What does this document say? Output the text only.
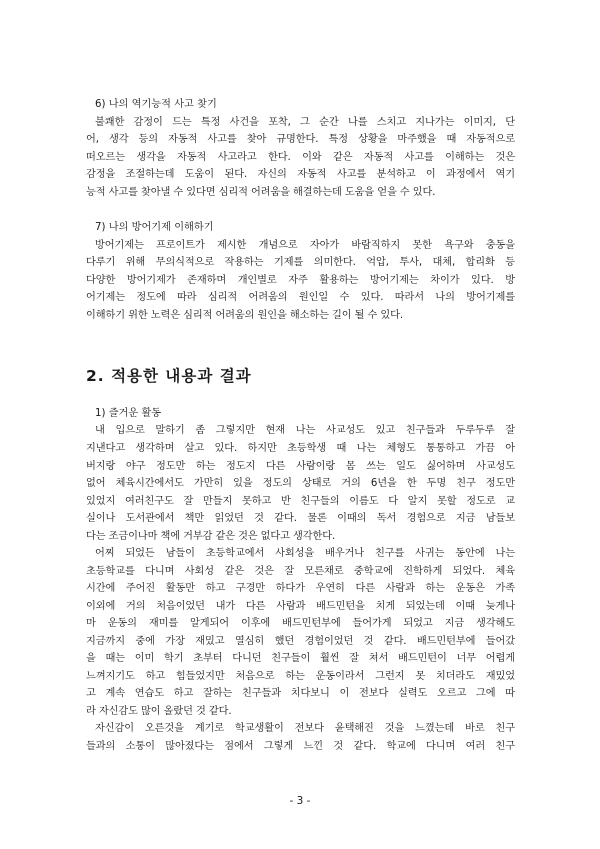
6) 나의 역기능적 사고 찾기
불쾌한 감정이 드는 특정 사건을 포착, 그 순간 나를 스치고 지나가는 이미지, 단
어, 생각 등의 자동적 사고를 찾아 규명한다. 특정 상황을 마주했을 때 자동적으로
떠오르는 생각을 자동적 사고라고 한다. 이와 같은 자동적 사고를 이해하는 것은
감정을 조절하는데 도움이 된다. 자신의 자동적 사고를 분석하고 이 과정에서 역기
능적 사고를 찾아낼 수 있다면 심리적 어려움을 해결하는데 도움을 얻을 수 있다.
7) 나의 방어기제 이해하기
방어기제는 프로이트가 제시한 개념으로 자아가 바람직하지 못한 욕구와 충동을
다루기 위해 무의식적으로 작용하는 기제를 의미한다. 억압, 투사, 대체, 합리화 등
다양한 방어기제가 존재하며 개인별로 자주 활용하는 방어기제는 차이가 있다. 방
어기제는 정도에 따라 심리적 어려움의 원인일 수 있다. 따라서 나의 방어기제를
이해하기 위한 노력은 심리적 어려움의 원인을 해소하는 길이 될 수 있다.
2. 적용한 내용과 결과
1) 즐거운 활동
내 입으로 말하기 좀 그렇지만 현재 나는 사교성도 있고 친구들과 두루두루 잘
지낸다고 생각하며 살고 있다. 하지만 초등학생 때 나는 체형도 통통하고 가끔 아
버지랑 야구 정도만 하는 정도지 다른 사람이랑 몸 쓰는 일도 싫어하며 사교성도
없어 체육시간에서도 가만히 있을 정도의 상태로 거의 6년을 한 두명 친구 정도만
있었지 여러친구도 잘 만들지 못하고 반 친구들의 이름도 다 알지 못할 정도로 교
실이나 도서관에서 책만 읽었던 것 같다. 물론 이때의 독서 경험으로 지금 남들보
다는 조금이나마 책에 거부감 같은 것은 없다고 생각한다.
어찌 되었든 남들이 초등학교에서 사회성을 배우거나 친구를 사귀는 동안에 나는
초등학교를 다니며 사회성 같은 것은 잘 모른채로 중학교에 진학하게 되었다. 체육
시간에 주어진 활동만 하고 구경만 하다가 우연히 다른 사람과 하는 운동은 가족
이외에 거의 처음이었던 내가 다른 사람과 배드민턴을 치게 되었는데 이때 늦게나
마 운동의 재미를 알게되어 이후에 배드민턴부에 들어가게 되었고 지금 생각해도
지금까지 중에 가장 재밌고 열심히 했던 경험이었던 것 같다. 배드민턴부에 들어갔
을 때는 이미 학기 초부터 다니던 친구들이 훨씬 잘 쳐서 배드민턴이 너무 어렵게
느껴지기도 하고 힘들었지만 처음으로 하는 운동이라서 그런지 못 치더라도 재밌었
고 계속 연습도 하고 잘하는 친구들과 치다보니 이 전보다 실력도 오르고 그에 따
라 자신감도 많이 올랐던 것 같다.
자신감이 오른것을 계기로 학교생활이 전보다 윤택해진 것을 느꼈는데 바로 친구
들과의 소통이 많아졌다는 점에서 그렇게 느낀 것 같다. 학교에 다니며 여러 친구
- 3 -
